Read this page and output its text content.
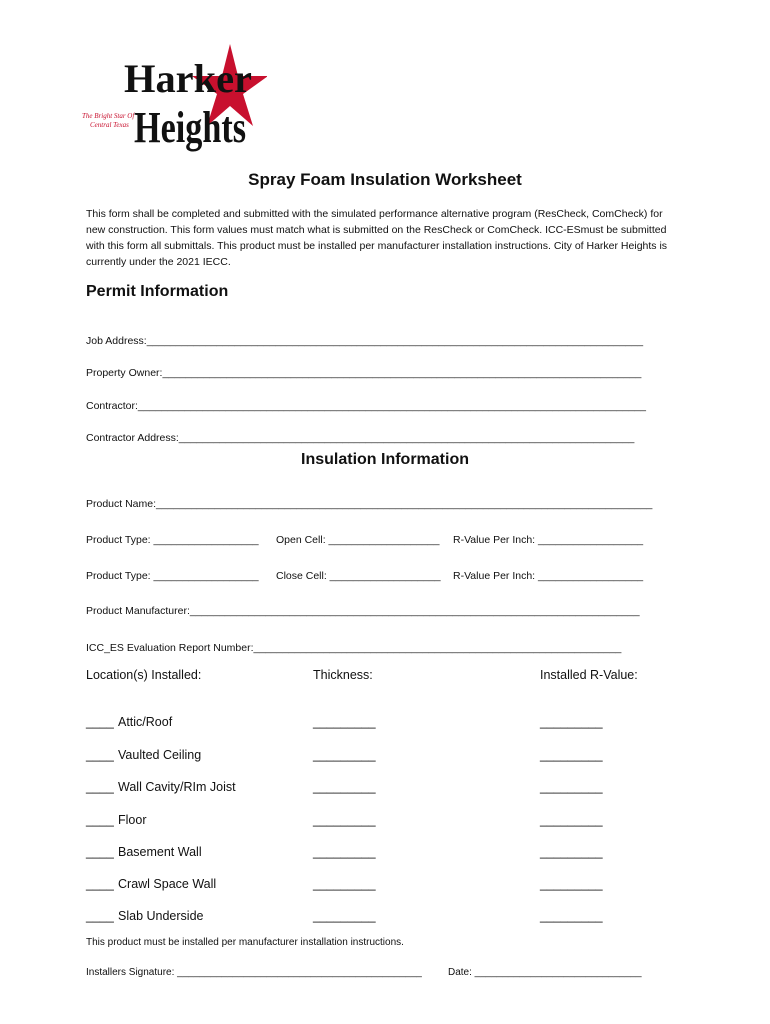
Harker
Heights
The Bright Star Of
Central Texas
Spray Foam Insulation Worksheet
This form shall be completed and submitted with the simulated performance alternative program (ResCheck, ComCheck) for new construction. This form values must match what is submitted on the ResCheck or ComCheck. ICC-ESmust be submitted with this form all submittals. This product must be installed per manufacturer installation instructions. City of Harker Heights is currently under the 2021 IECC.
Permit Information
Job Address:_____________________________________________________________________________________
Property Owner:__________________________________________________________________________________
Contractor:_______________________________________________________________________________________
Contractor Address:______________________________________________________________________________
Insulation Information
Product Name:_____________________________________________________________________________________
Product Type: __________________ Open Cell: ___________________ R-Value Per Inch: __________________
Product Type: __________________ Close Cell: ___________________ R-Value Per Inch: __________________
Product Manufacturer:_____________________________________________________________________________
ICC_ES Evaluation Report Number:_______________________________________________________________
Location(s) Installed:	Thickness:	Installed R-Value:
____ Attic/Roof	_________	_________
____ Vaulted Ceiling	_________	_________
____ Wall Cavity/RIm Joist	_________	_________
____ Floor	_________	_________
____ Basement Wall	_________	_________
____ Crawl Space Wall	_________	_________
____ Slab Underside	_________	_________
This product must be installed per manufacturer installation instructions.
Installers Signature: ____________________________________________	Date: ______________________________
